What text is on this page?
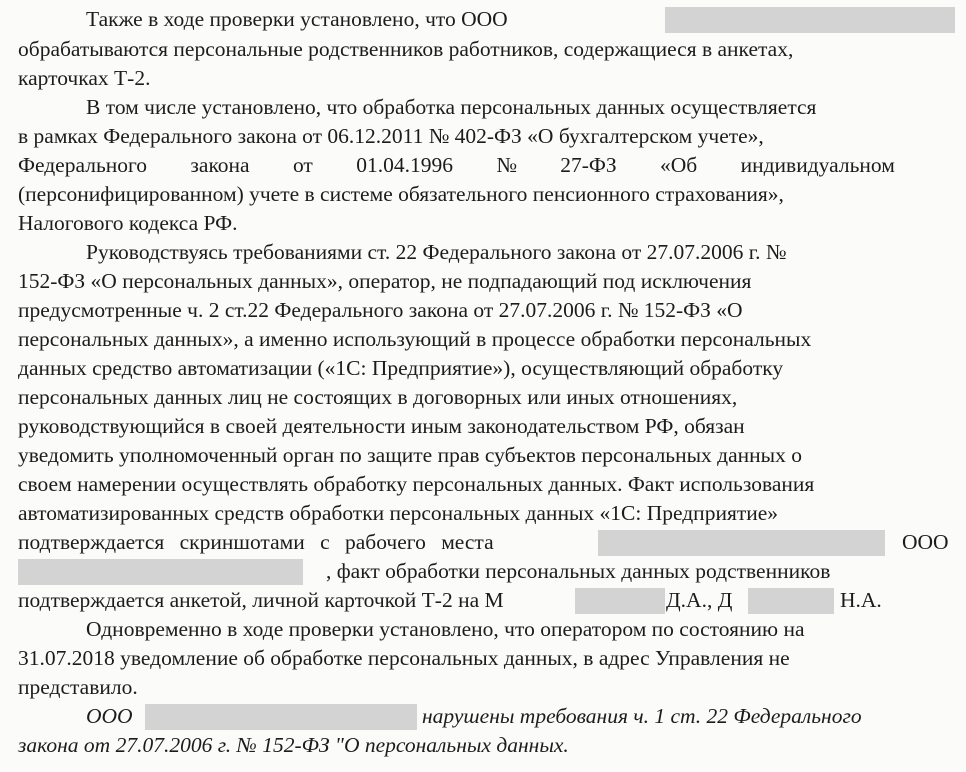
Также в ходе проверки установлено, что ООО
обрабатываются персональные родственников работников, содержащиеся в анкетах,
карточках Т-2.
В том числе установлено, что обработка персональных данных осуществляется
в рамках Федерального закона от 06.12.2011 № 402-ФЗ «О бухгалтерском учете»,
Федерального закона от 01.04.1996 № 27-ФЗ «Об индивидуальном
(персонифицированном) учете в системе обязательного пенсионного страхования»,
Налогового кодекса РФ.
Руководствуясь требованиями ст. 22 Федерального закона от 27.07.2006 г. №
152-ФЗ «О персональных данных», оператор, не подпадающий под исключения
предусмотренные ч. 2 ст.22 Федерального закона от 27.07.2006 г. № 152-ФЗ «О
персональных данных», а именно использующий в процессе обработки персональных
данных средство автоматизации («1С: Предприятие»), осуществляющий обработку
персональных данных лиц не состоящих в договорных или иных отношениях,
руководствующийся в своей деятельности иным законодательством РФ, обязан
уведомить уполномоченный орган по защите прав субъектов персональных данных о
своем намерении осуществлять обработку персональных данных. Факт использования
автоматизированных средств обработки персональных данных «1С: Предприятие»
подтверждается скриншотами с рабочего места	ООО
, факт обработки персональных данных родственников
подтверждается анкетой, личной карточкой Т-2 на М	Д.А., Д	Н.А.
Одновременно в ходе проверки установлено, что оператором по состоянию на
31.07.2018 уведомление об обработке персональных данных, в адрес Управления не
представило.
ООО	нарушены требования ч. 1 ст. 22 Федерального
закона от 27.07.2006 г. № 152-ФЗ "О персональных данных.
